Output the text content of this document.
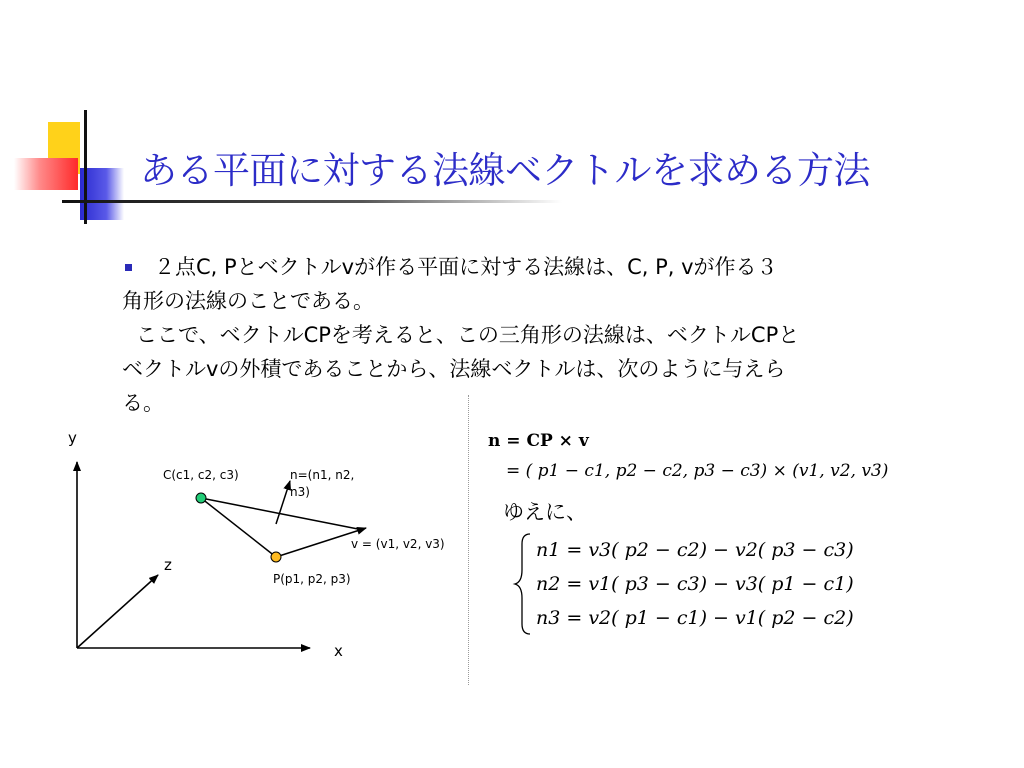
ある平面に対する法線ベクトルを求める方法
２点C, Pとベクトルvが作る平面に対する法線は、C, P, vが作る３
角形の法線のことである。
ここで、ベクトルCPを考えると、この三角形の法線は、ベクトルCPと
ベクトルvの外積であることから、法線ベクトルは、次のように与えら
る。
y
z
x
C(c1, c2, c3)	n=(n1, n2,
n3)
v = (v1, v2, v3)
P(p1, p2, p3)
n = CP × v
= ( p1 − c1, p2 − c2, p3 − c3) × (v1, v2, v3)
ゆえに、
n1 = v3( p2 − c2) − v2( p3 − c3)
n2 = v1( p3 − c3) − v3( p1 − c1)
n3 = v2( p1 − c1) − v1( p2 − c2)
